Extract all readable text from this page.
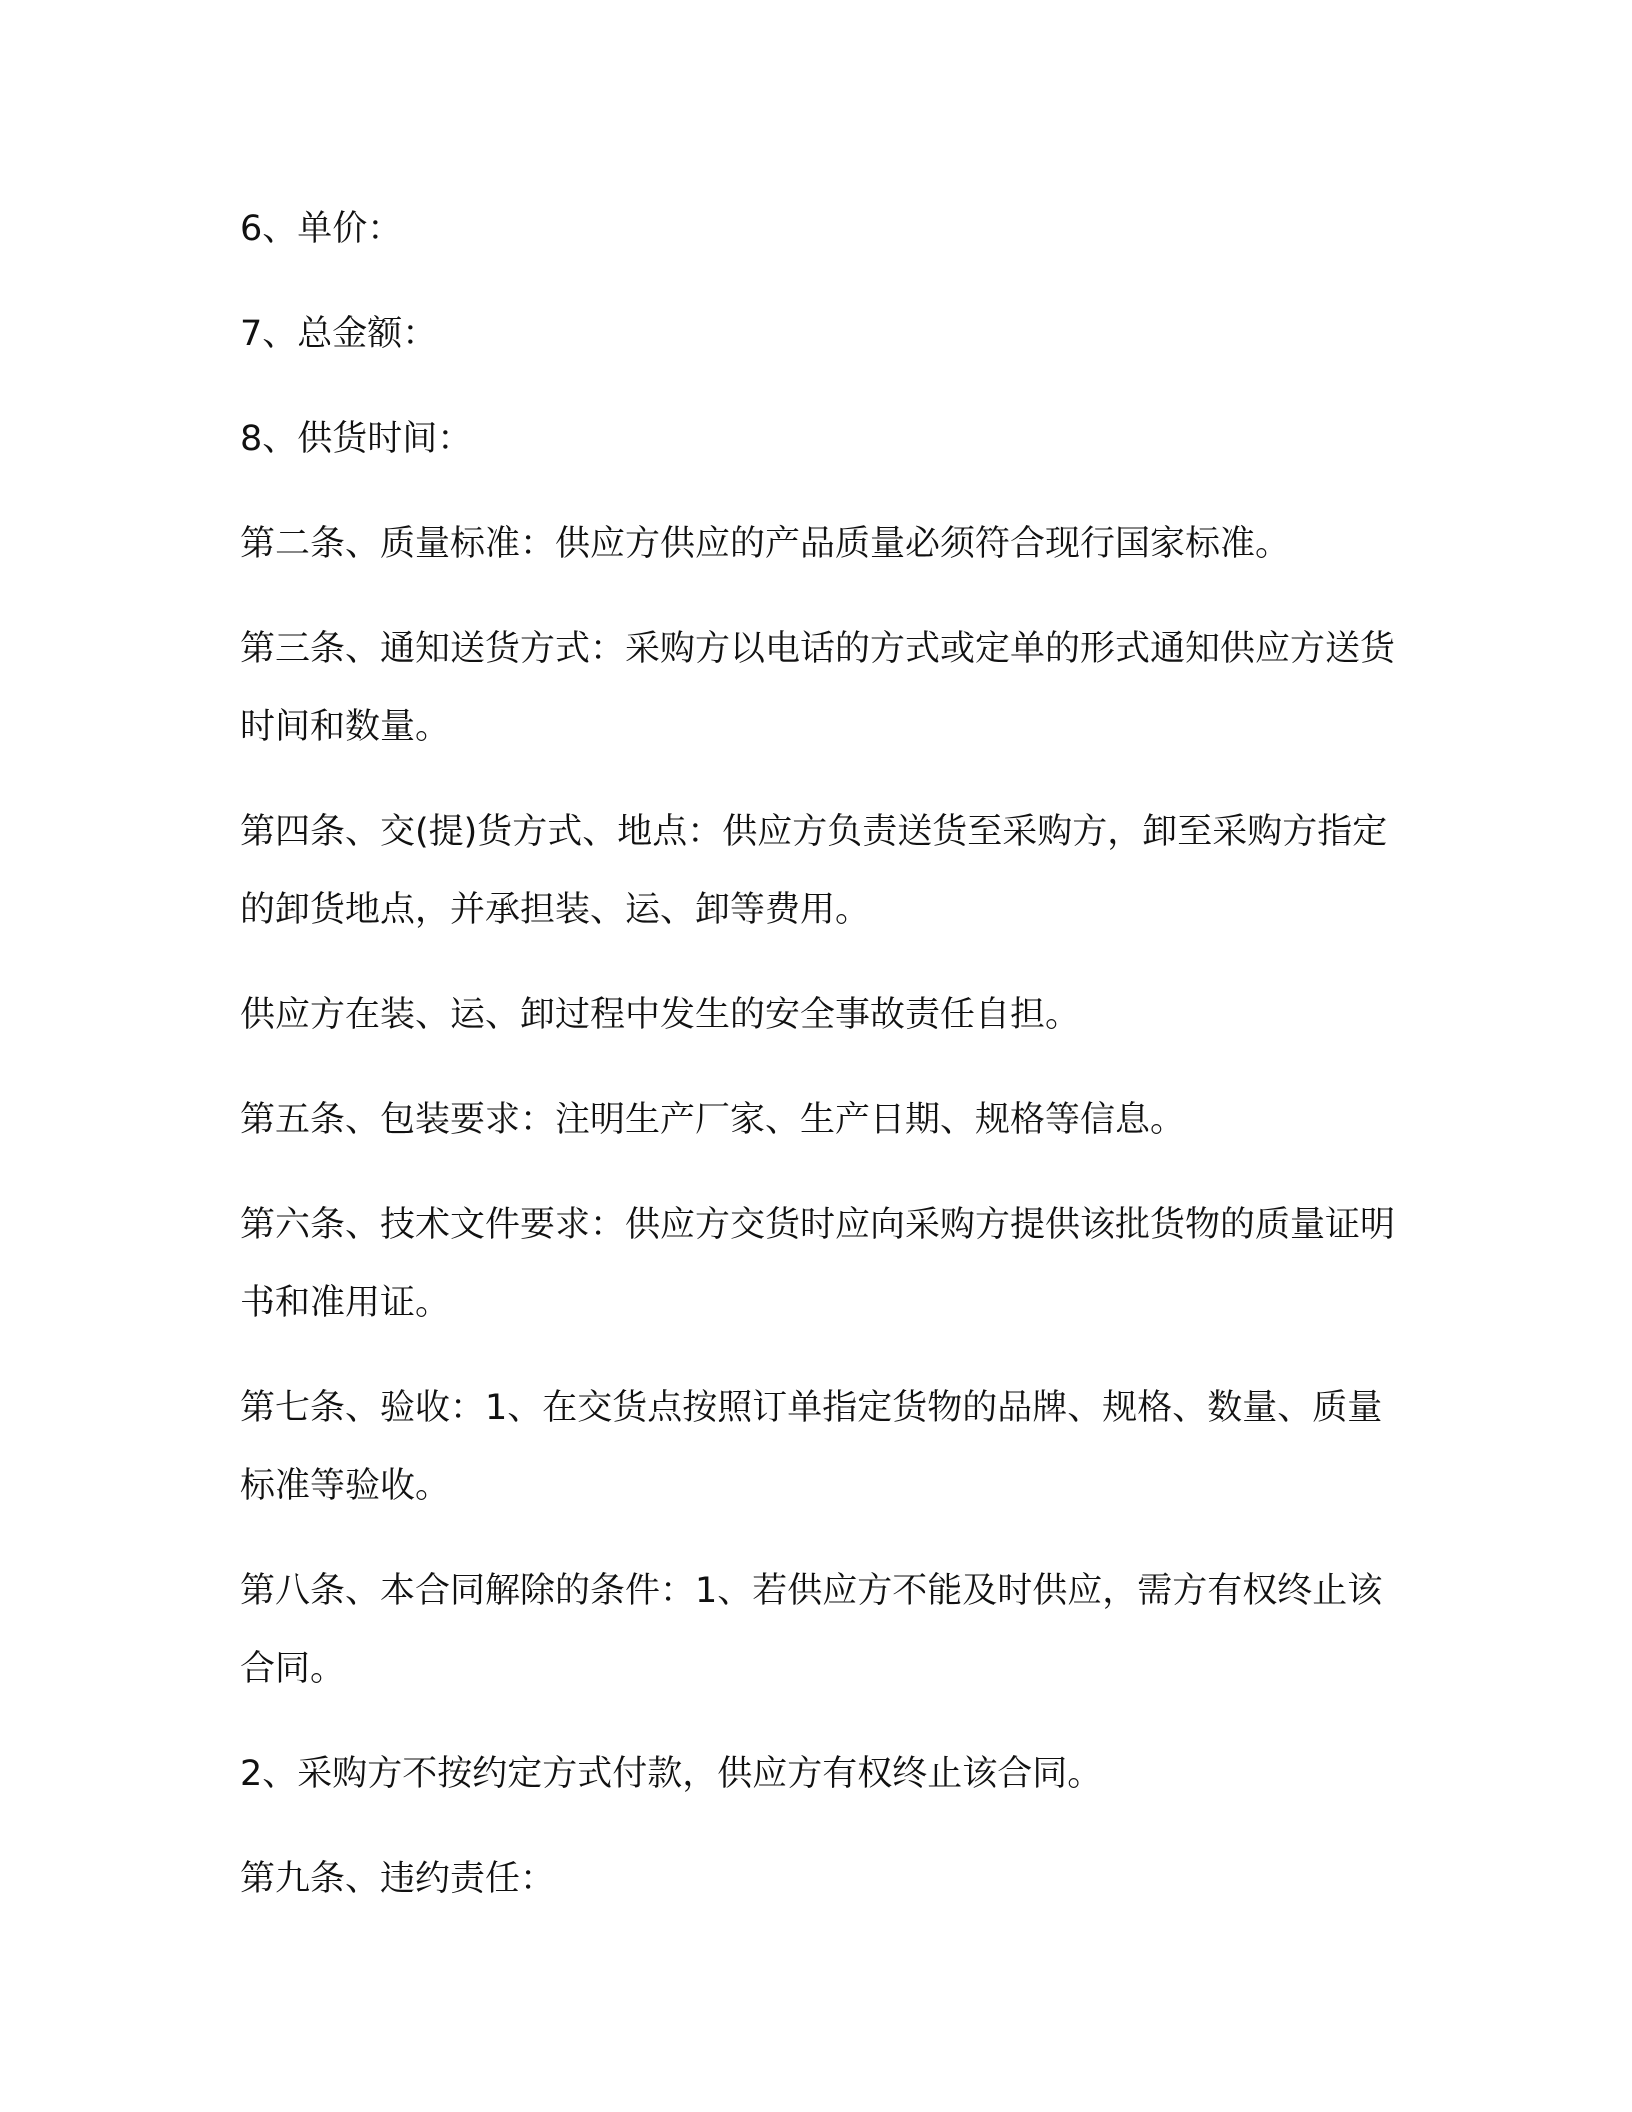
6、单价：

7、总金额：

8、供货时间：

第二条、质量标准：供应方供应的产品质量必须符合现行国家标准。

第三条、通知送货方式：采购方以电话的方式或定单的形式通知供应方送货时间和数量。

第四条、交(提)货方式、地点：供应方负责送货至采购方，卸至采购方指定的卸货地点，并承担装、运、卸等费用。

供应方在装、运、卸过程中发生的安全事故责任自担。

第五条、包装要求：注明生产厂家、生产日期、规格等信息。

第六条、技术文件要求：供应方交货时应向采购方提供该批货物的质量证明书和准用证。

第七条、验收：1、在交货点按照订单指定货物的品牌、规格、数量、质量标准等验收。

第八条、本合同解除的条件：1、若供应方不能及时供应，需方有权终止该合同。

2、采购方不按约定方式付款，供应方有权终止该合同。

第九条、违约责任：
